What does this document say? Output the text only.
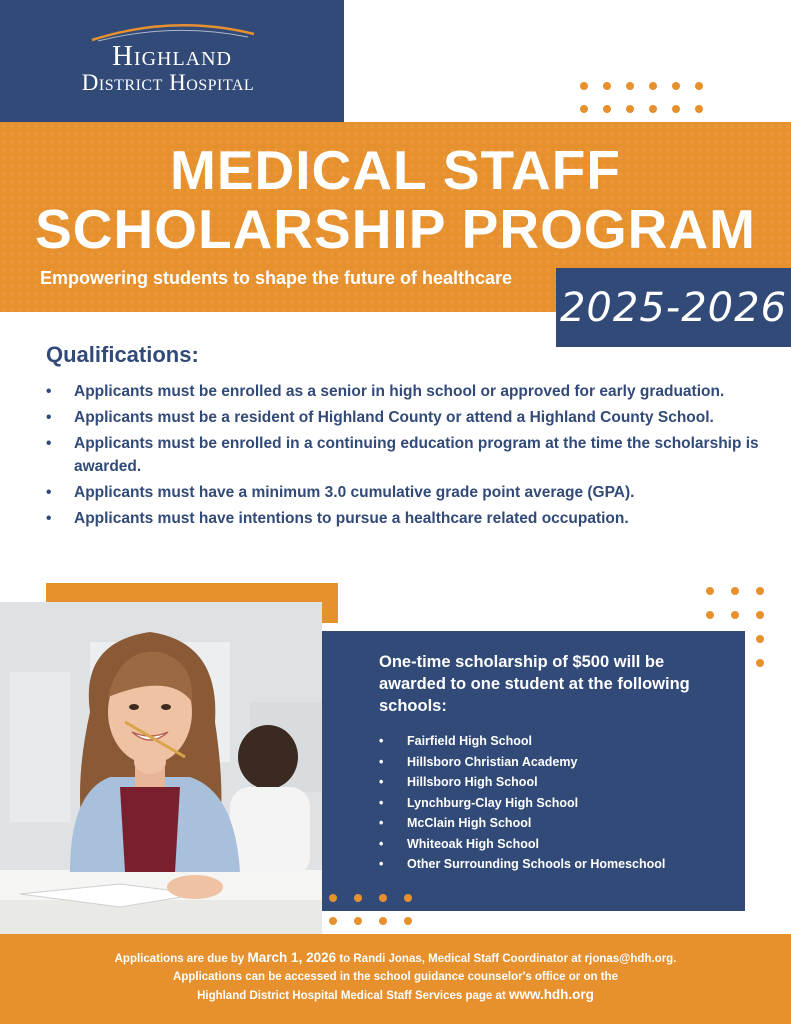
Highland
District Hospital
MEDICAL STAFF
SCHOLARSHIP PROGRAM
Empowering students to shape the future of healthcare
2025-2026
Qualifications:
• Applicants must be enrolled as a senior in high school or approved for early graduation.
• Applicants must be a resident of Highland County or attend a Highland County School.
• Applicants must be enrolled in a continuing education program at the time the scholarship is awarded.
• Applicants must have a minimum 3.0 cumulative grade point average (GPA).
• Applicants must have intentions to pursue a healthcare related occupation.
One-time scholarship of $500 will be awarded to one student at the following schools:
• Fairfield High School
• Hillsboro Christian Academy
• Hillsboro High School
• Lynchburg-Clay High School
• McClain High School
• Whiteoak High School
• Other Surrounding Schools or Homeschool
Applications are due by March 1, 2026 to Randi Jonas, Medical Staff Coordinator at rjonas@hdh.org.
Applications can be accessed in the school guidance counselor's office or on the
Highland District Hospital Medical Staff Services page at www.hdh.org
